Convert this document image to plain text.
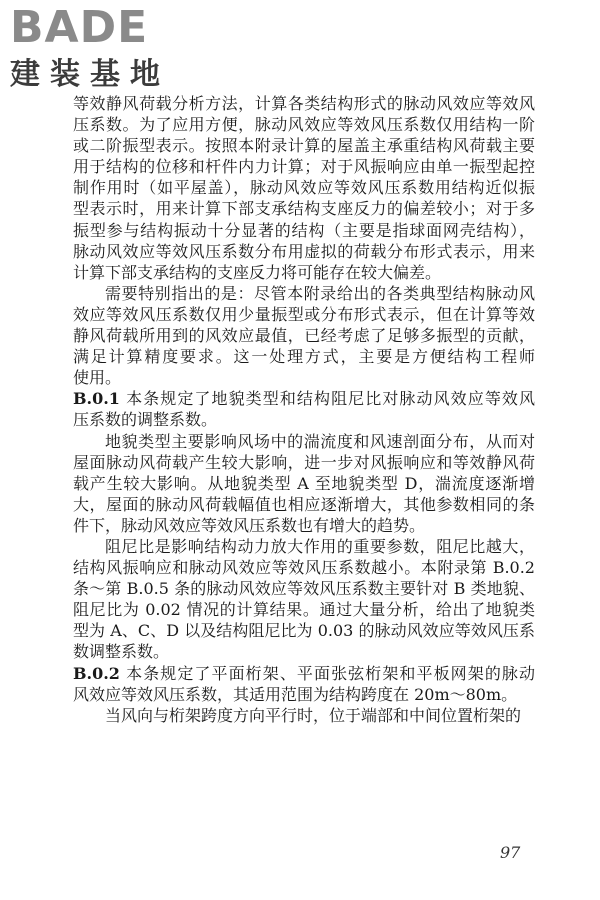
BADE
建装基地
等效静风荷载分析方法，计算各类结构形式的脉动风效应等效风
压系数。为了应用方便，脉动风效应等效风压系数仅用结构一阶
或二阶振型表示。按照本附录计算的屋盖主承重结构风荷载主要
用于结构的位移和杆件内力计算；对于风振响应由单一振型起控
制作用时（如平屋盖），脉动风效应等效风压系数用结构近似振
型表示时，用来计算下部支承结构支座反力的偏差较小；对于多
振型参与结构振动十分显著的结构（主要是指球面网壳结构），
脉动风效应等效风压系数分布用虚拟的荷载分布形式表示，用来
计算下部支承结构的支座反力将可能存在较大偏差。
需要特别指出的是：尽管本附录给出的各类典型结构脉动风
效应等效风压系数仅用少量振型或分布形式表示，但在计算等效
静风荷载所用到的风效应最值，已经考虑了足够多振型的贡献，
满足计算精度要求。这一处理方式，主要是方便结构工程师
使用。
B.0.1 本条规定了地貌类型和结构阻尼比对脉动风效应等效风
压系数的调整系数。
地貌类型主要影响风场中的湍流度和风速剖面分布，从而对
屋面脉动风荷载产生较大影响，进一步对风振响应和等效静风荷
载产生较大影响。从地貌类型 A 至地貌类型 D，湍流度逐渐增
大，屋面的脉动风荷载幅值也相应逐渐增大，其他参数相同的条
件下，脉动风效应等效风压系数也有增大的趋势。
阻尼比是影响结构动力放大作用的重要参数，阻尼比越大，
结构风振响应和脉动风效应等效风压系数越小。本附录第 B.0.2
条～第 B.0.5 条的脉动风效应等效风压系数主要针对 B 类地貌、
阻尼比为 0.02 情况的计算结果。通过大量分析，给出了地貌类
型为 A、C、D 以及结构阻尼比为 0.03 的脉动风效应等效风压系
数调整系数。
B.0.2 本条规定了平面桁架、平面张弦桁架和平板网架的脉动
风效应等效风压系数，其适用范围为结构跨度在 20m～80m。
当风向与桁架跨度方向平行时，位于端部和中间位置桁架的
97
